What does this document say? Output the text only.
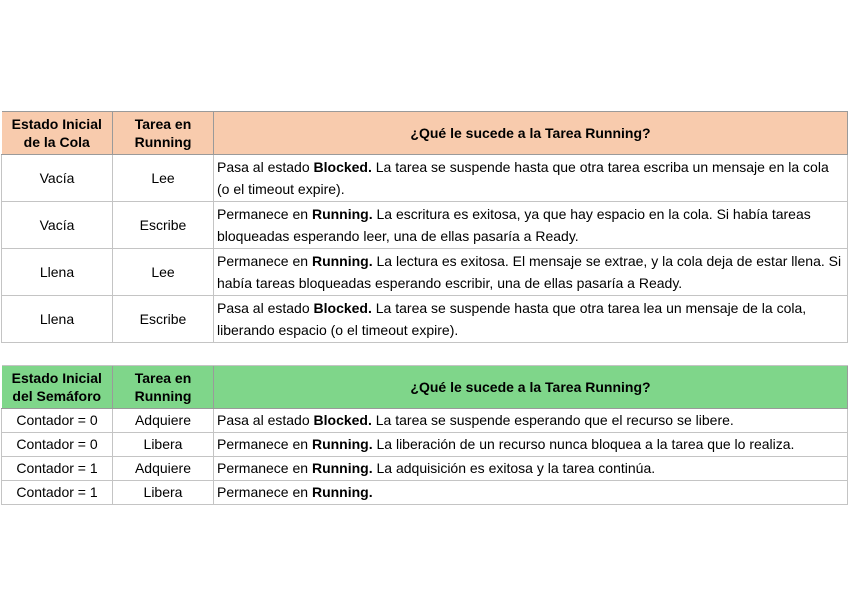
Estado Inicial de la Cola	Tarea en Running	¿Qué le sucede a la Tarea Running?
Vacía	Lee	Pasa al estado Blocked. La tarea se suspende hasta que otra tarea escriba un mensaje en la cola (o el timeout expire).
Vacía	Escribe	Permanece en Running. La escritura es exitosa, ya que hay espacio en la cola. Si había tareas bloqueadas esperando leer, una de ellas pasaría a Ready.
Llena	Lee	Permanece en Running. La lectura es exitosa. El mensaje se extrae, y la cola deja de estar llena. Si había tareas bloqueadas esperando escribir, una de ellas pasaría a Ready.
Llena	Escribe	Pasa al estado Blocked. La tarea se suspende hasta que otra tarea lea un mensaje de la cola, liberando espacio (o el timeout expire).

Estado Inicial del Semáforo	Tarea en Running	¿Qué le sucede a la Tarea Running?
Contador = 0	Adquiere	Pasa al estado Blocked. La tarea se suspende esperando que el recurso se libere.
Contador = 0	Libera	Permanece en Running. La liberación de un recurso nunca bloquea a la tarea que lo realiza.
Contador = 1	Adquiere	Permanece en Running. La adquisición es exitosa y la tarea continúa.
Contador = 1	Libera	Permanece en Running.
